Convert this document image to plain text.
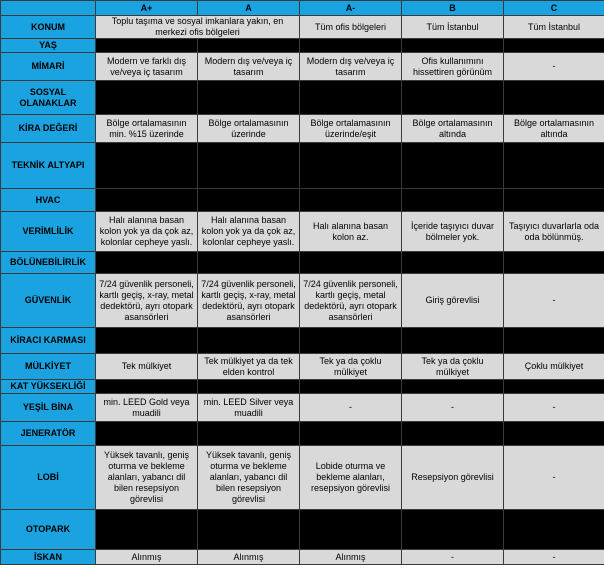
	A+	A	A-	B	C
KONUM	Toplu taşıma ve sosyal imkanlara yakın, en merkezi ofis bölgeleri		Tüm ofis bölgeleri	Tüm İstanbul	Tüm İstanbul
YAŞ					
MİMARİ	Modern ve farklı dış ve/veya iç tasarım	Modern dış ve/veya iç tasarım	Modern dış ve/veya iç tasarım	Ofis kullanımını hissettiren görünüm	-
SOSYAL OLANAKLAR					
KİRA DEĞERİ	Bölge ortalamasının min. %15 üzerinde	Bölge ortalamasının üzerinde	Bölge ortalamasının üzerinde/eşit	Bölge ortalamasının altında	Bölge ortalamasının altında
TEKNİK ALTYAPI					
HVAC					
VERİMLİLİK	Halı alanına basan kolon yok ya da çok az, kolonlar cepheye yaslı.	Halı alanına basan kolon yok ya da çok az, kolonlar cepheye yaslı.	Halı alanına basan kolon az.	İçeride taşıyıcı duvar bölmeler yok.	Taşıyıcı duvarlarla oda oda bölünmüş.
BÖLÜNEBİLİRLİK					
GÜVENLİK	7/24 güvenlik personeli, kartlı geçiş, x-ray, metal dedektörü, ayrı otopark asansörleri	7/24 güvenlik personeli, kartlı geçiş, x-ray, metal dedektörü, ayrı otopark asansörleri	7/24 güvenlik personeli, kartlı geçiş, metal dedektörü, ayrı otopark asansörleri	Giriş görevlisi	-
KİRACI KARMASI					
MÜLKİYET	Tek mülkiyet	Tek mülkiyet ya da tek elden kontrol	Tek ya da çoklu mülkiyet	Tek ya da çoklu mülkiyet	Çoklu mülkiyet
KAT YÜKSEKLİĞİ					
YEŞİL BİNA	min. LEED Gold veya muadili	min. LEED Silver veya muadili	-	-	-
JENERATÖR					
LOBİ	Yüksek tavanlı, geniş oturma ve bekleme alanları, yabancı dil bilen resepsiyon görevlisi	Yüksek tavanlı, geniş oturma ve bekleme alanları, yabancı dil bilen resepsiyon görevlisi	Lobide oturma ve bekleme alanları, resepsiyon görevlisi	Resepsiyon görevlisi	-
OTOPARK					
İSKAN	Alınmış	Alınmış	Alınmış	-	-
